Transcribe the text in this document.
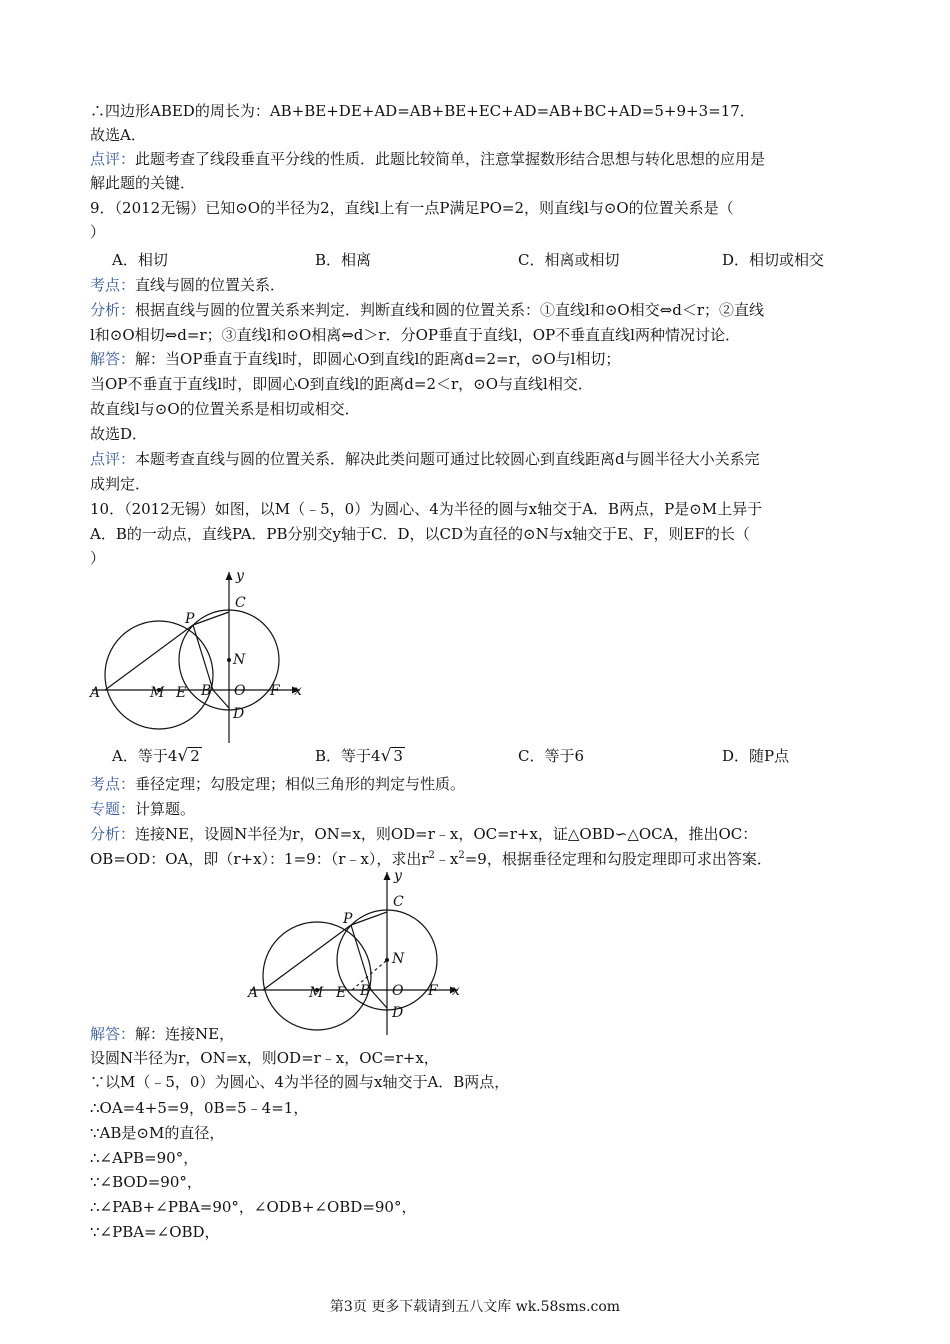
∴四边形ABED的周长为：AB+BE+DE+AD=AB+BE+EC+AD=AB+BC+AD=5+9+3=17．
故选A．
点评：此题考查了线段垂直平分线的性质．此题比较简单，注意掌握数形结合思想与转化思想的应用是
解此题的关键．
9．（2012无锡）已知⊙O的半径为2，直线l上有一点P满足PO=2，则直线l与⊙O的位置关系是（
）
A．相切	B．相离	C．相离或相切	D．相切或相交
考点：直线与圆的位置关系．
分析：根据直线与圆的位置关系来判定．判断直线和圆的位置关系：①直线l和⊙O相交⇔d＜r；②直线
l和⊙O相切⇔d=r；③直线l和⊙O相离⇔d＞r．分OP垂直于直线l，OP不垂直直线l两种情况讨论．
解答：解：当OP垂直于直线l时，即圆心O到直线l的距离d=2=r，⊙O与l相切；
当OP不垂直于直线l时，即圆心O到直线l的距离d=2＜r，⊙O与直线l相交．
故直线l与⊙O的位置关系是相切或相交．
故选D．
点评：本题考查直线与圆的位置关系．解决此类问题可通过比较圆心到直线距离d与圆半径大小关系完
成判定．
10．（2012无锡）如图，以M（﹣5，0）为圆心、4为半径的圆与x轴交于A．B两点，P是⊙M上异于
A．B的一动点，直线PA．PB分别交y轴于C．D，以CD为直径的⊙N与x轴交于E、F，则EF的长（
）
y
C
P
N
A	M E B O F x
D
A．等于4√ 2	B．等于4√ 3	C．等于6	D．随P点
考点：垂径定理；勾股定理；相似三角形的判定与性质。
专题：计算题。
分析：连接NE，设圆N半径为r，ON=x，则OD=r﹣x，OC=r+x，证△OBD∽△OCA，推出OC：
OB=OD：OA，即（r+x）：1=9：（r﹣x），求出$r^2﹣x^2=9$，根据垂径定理和勾股定理即可求出答案．
y
C
P
N
A	M E B O F x
D
解答：解：连接NE，
设圆N半径为r，ON=x，则OD=r﹣x，OC=r+x，
∵以M（﹣5，0）为圆心、4为半径的圆与x轴交于A．B两点，
∴OA=4+5=9，0B=5﹣4=1，
∵AB是⊙M的直径，
∴∠APB=90°，
∵∠BOD=90°，
∴∠PAB+∠PBA=90°，∠ODB+∠OBD=90°，
∵∠PBA=∠OBD，
第3页 更多下载请到五八文库 wk.58sms.com
